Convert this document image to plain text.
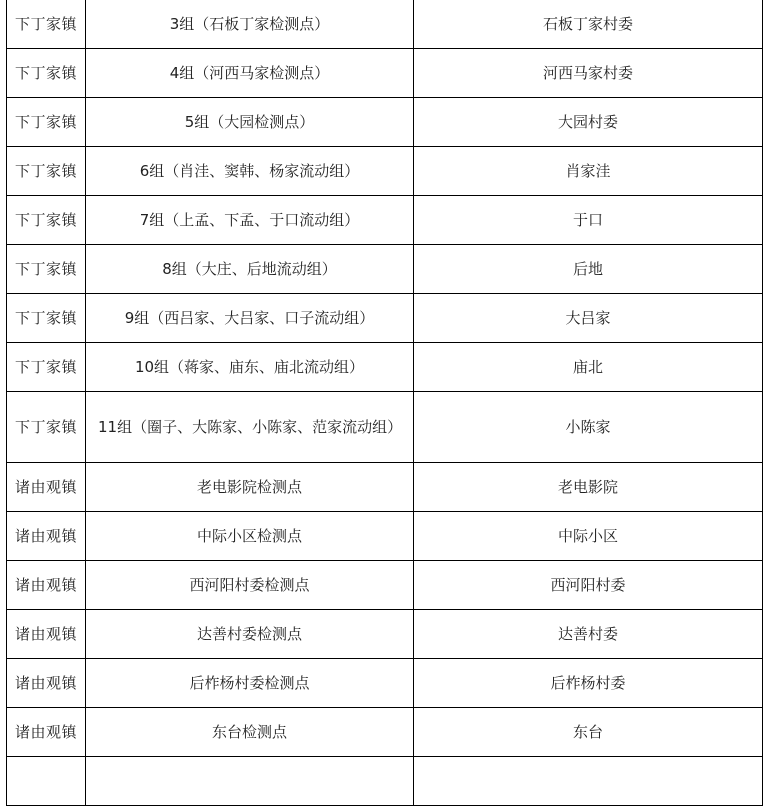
下丁家镇	3组（石板丁家检测点）	石板丁家村委
下丁家镇	4组（河西马家检测点）	河西马家村委
下丁家镇	5组（大园检测点）	大园村委
下丁家镇	6组（肖洼、窦韩、杨家流动组）	肖家洼
下丁家镇	7组（上孟、下孟、于口流动组）	于口
下丁家镇	8组（大庄、后地流动组）	后地
下丁家镇	9组（西吕家、大吕家、口子流动组）	大吕家
下丁家镇	10组（蒋家、庙东、庙北流动组）	庙北
下丁家镇	11组（圈子、大陈家、小陈家、范家流动组）	小陈家
诸由观镇	老电影院检测点	老电影院
诸由观镇	中际小区检测点	中际小区
诸由观镇	西河阳村委检测点	西河阳村委
诸由观镇	达善村委检测点	达善村委
诸由观镇	后柞杨村委检测点	后柞杨村委
诸由观镇	东台检测点	东台
